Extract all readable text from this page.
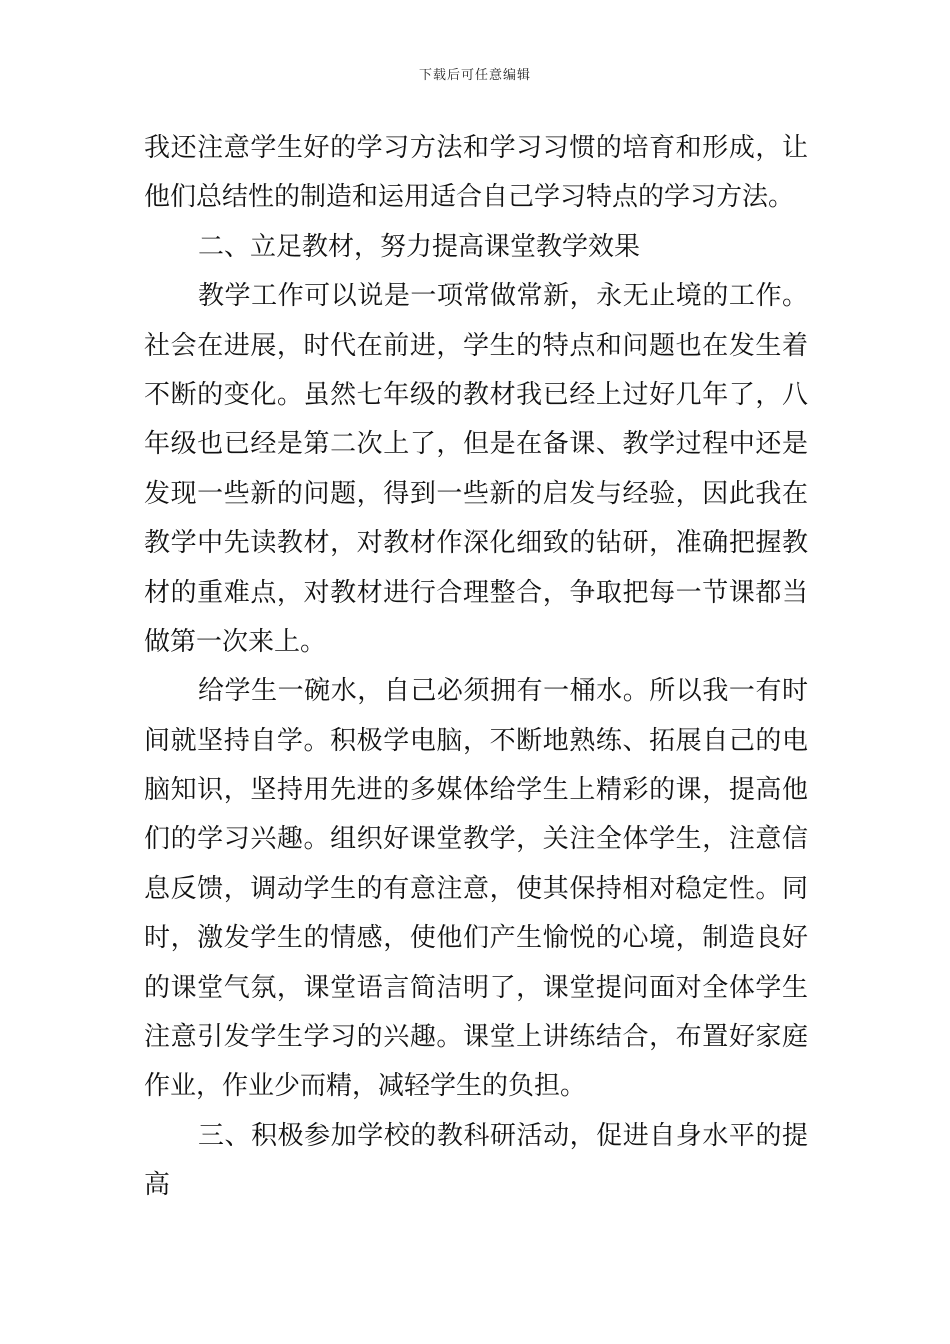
下载后可任意编辑
我还注意学生好的学习方法和学习习惯的培育和形成，让
他们总结性的制造和运用适合自己学习特点的学习方法。
二、立足教材，努力提高课堂教学效果
教学工作可以说是一项常做常新，永无止境的工作。
社会在进展，时代在前进，学生的特点和问题也在发生着
不断的变化。虽然七年级的教材我已经上过好几年了，八
年级也已经是第二次上了，但是在备课、教学过程中还是
发现一些新的问题，得到一些新的启发与经验，因此我在
教学中先读教材，对教材作深化细致的钻研，准确把握教
材的重难点，对教材进行合理整合，争取把每一节课都当
做第一次来上。
给学生一碗水，自己必须拥有一桶水。所以我一有时
间就坚持自学。积极学电脑，不断地熟练、拓展自己的电
脑知识，坚持用先进的多媒体给学生上精彩的课，提高他
们的学习兴趣。组织好课堂教学，关注全体学生，注意信
息反馈，调动学生的有意注意，使其保持相对稳定性。同
时，激发学生的情感，使他们产生愉悦的心境，制造良好
的课堂气氛，课堂语言简洁明了，课堂提问面对全体学生
注意引发学生学习的兴趣。课堂上讲练结合，布置好家庭
作业，作业少而精，减轻学生的负担。
三、积极参加学校的教科研活动，促进自身水平的提
高
